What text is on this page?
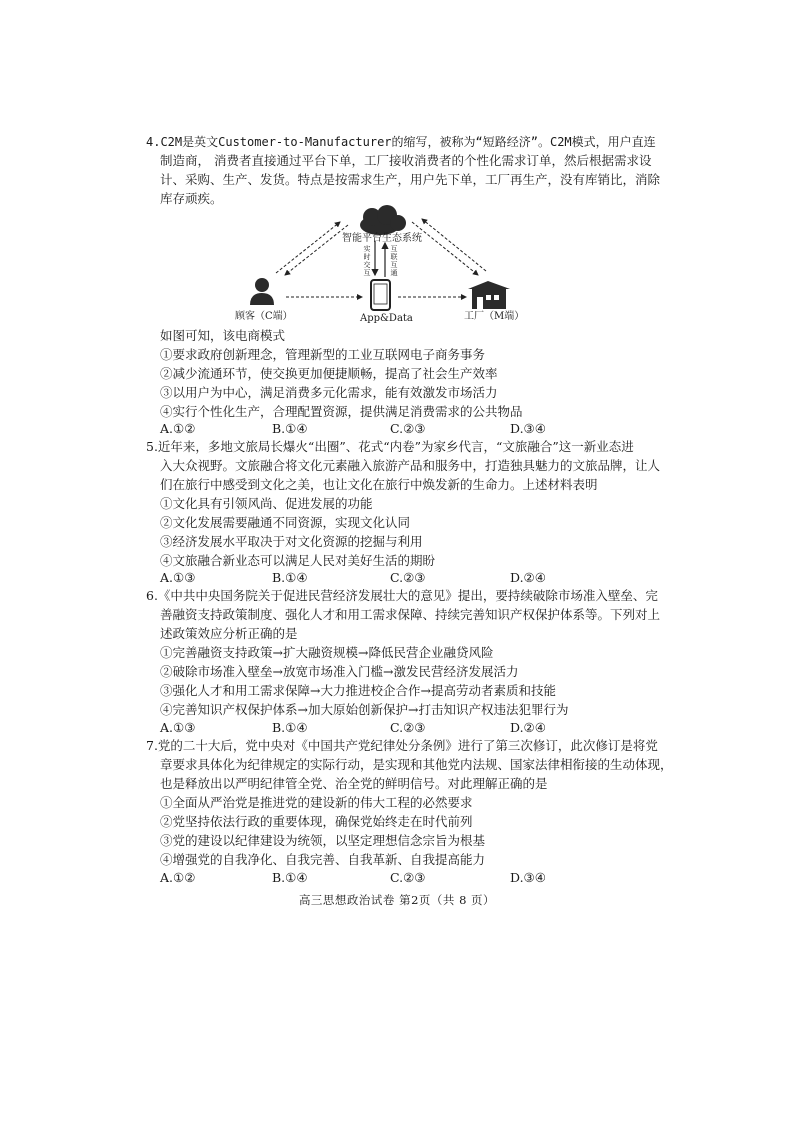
4.C2M是英文Customer-to-Manufacturer的缩写，被称为“短路经济”。C2M模式，用户直连
制造商， 消费者直接通过平台下单，工厂接收消费者的个性化需求订单，然后根据需求设
计、采购、生产、发货。特点是按需求生产，用户先下单，工厂再生产，没有库销比，消除
库存顽疾。
智能平台生态系统
实时交互
互联互通
顾客（C端）	App&Data	工厂（M端）
如图可知，该电商模式
①要求政府创新理念，管理新型的工业互联网电子商务事务
②减少流通环节，使交换更加便捷顺畅，提高了社会生产效率
③以用户为中心，满足消费多元化需求，能有效激发市场活力
④实行个性化生产，合理配置资源，提供满足消费需求的公共物品
A.①②	B.①④	C.②③	D.③④
5.近年来，多地文旅局长爆火“出圈”、花式“内卷”为家乡代言，“文旅融合”这一新业态进
入大众视野。文旅融合将文化元素融入旅游产品和服务中，打造独具魅力的文旅品牌，让人
们在旅行中感受到文化之美，也让文化在旅行中焕发新的生命力。上述材料表明
①文化具有引领风尚、促进发展的功能
②文化发展需要融通不同资源，实现文化认同
③经济发展水平取决于对文化资源的挖掘与利用
④文旅融合新业态可以满足人民对美好生活的期盼
A.①③	B.①④	C.②③	D.②④
6.《中共中央国务院关于促进民营经济发展壮大的意见》提出，要持续破除市场准入壁垒、完
善融资支持政策制度、强化人才和用工需求保障、持续完善知识产权保护体系等。下列对上
述政策效应分析正确的是
①完善融资支持政策→扩大融资规模→降低民营企业融贷风险
②破除市场准入壁垒→放宽市场准入门槛→激发民营经济发展活力
③强化人才和用工需求保障→大力推进校企合作→提高劳动者素质和技能
④完善知识产权保护体系→加大原始创新保护→打击知识产权违法犯罪行为
A.①③	B.①④	C.②③	D.②④
7.党的二十大后，党中央对《中国共产党纪律处分条例》进行了第三次修订，此次修订是将党
章要求具体化为纪律规定的实际行动，是实现和其他党内法规、国家法律相衔接的生动体现，
也是释放出以严明纪律管全党、治全党的鲜明信号。对此理解正确的是
①全面从严治党是推进党的建设新的伟大工程的必然要求
②党坚持依法行政的重要体现，确保党始终走在时代前列
③党的建设以纪律建设为统领，以坚定理想信念宗旨为根基
④增强党的自我净化、自我完善、自我革新、自我提高能力
A.①②	B.①④	C.②③	D.③④
高三思想政治试卷 第2页（共 8 页）
